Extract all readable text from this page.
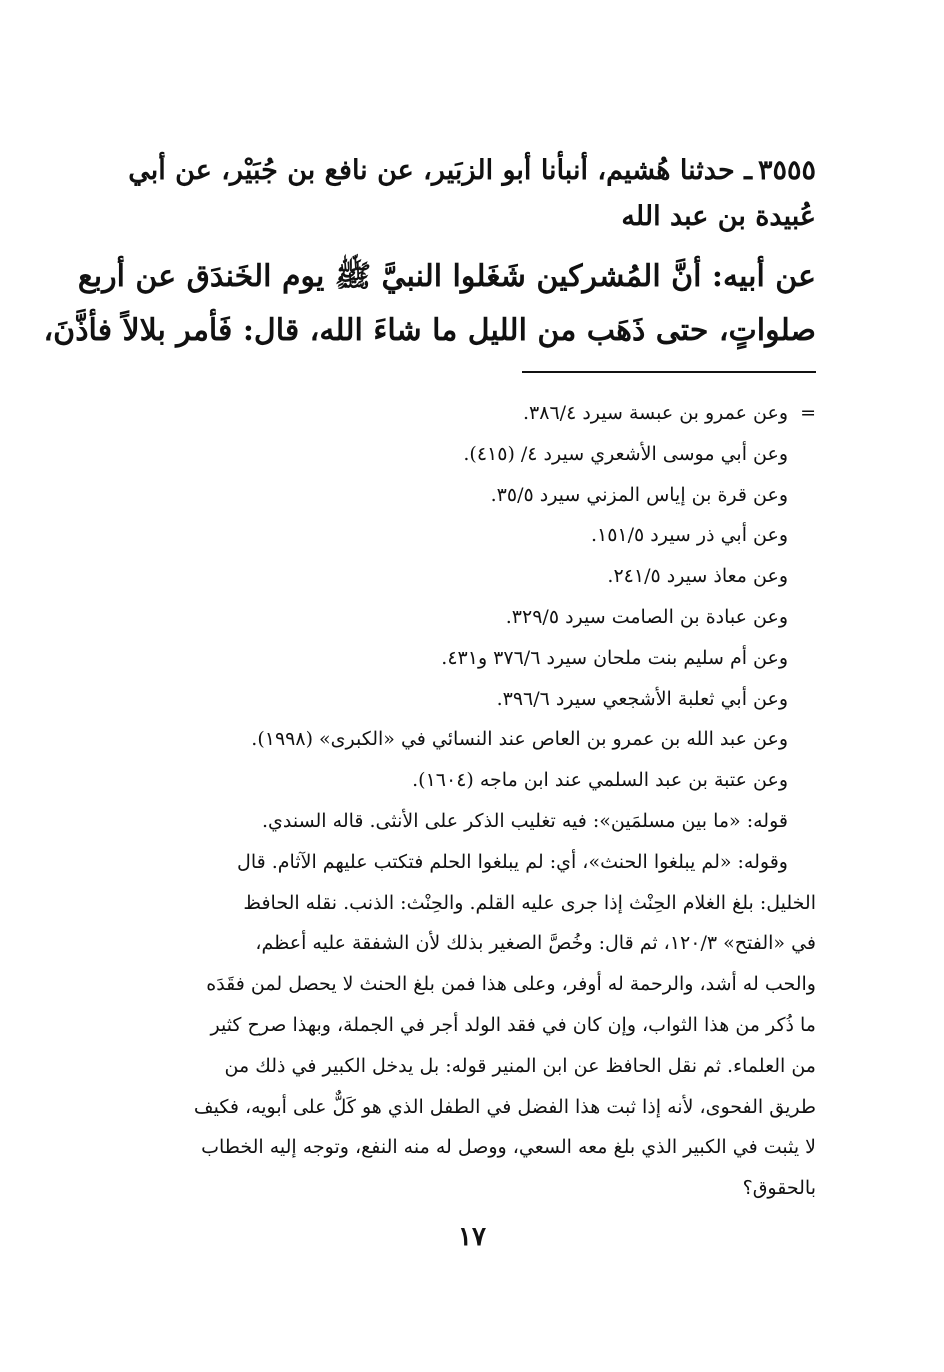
٣٥٥٥ـ حدثنا هُشيم، أنبأنا أبو الزبَير، عن نافع بن جُبَيْر، عن أبي
عُبيدة بن عبد الله
عن أبيه: أنَّ المُشركين شَغَلوا النبيَّ ﷺ يوم الخَندَق عن أربع
صلواتٍ، حتى ذَهَب من الليل ما شاءَ الله، قال: فَأمر بلالاً فأذَّنَ،
=
وعن عمرو بن عبسة سيرد ٣٨٦/٤.
وعن أبي موسى الأشعري سيرد ٤/ (٤١٥).
وعن قرة بن إياس المزني سيرد ٣٥/٥.
وعن أبي ذر سيرد ١٥١/٥.
وعن معاذ سيرد ٢٤١/٥.
وعن عبادة بن الصامت سيرد ٣٢٩/٥.
وعن أم سليم بنت ملحان سيرد ٣٧٦/٦ و٤٣١.
وعن أبي ثعلبة الأشجعي سيرد ٣٩٦/٦.
وعن عبد الله بن عمرو بن العاص عند النسائي في «الكبرى» (١٩٩٨).
وعن عتبة بن عبد السلمي عند ابن ماجه (١٦٠٤).
قوله: «ما بين مسلمَين»: فيه تغليب الذكر على الأنثى. قاله السندي.
وقوله: «لم يبلغوا الحنث»، أي: لم يبلغوا الحلم فتكتب عليهم الآثام. قال
الخليل: بلغ الغلام الحِنْث إذا جرى عليه القلم. والحِنْث: الذنب. نقله الحافظ
في «الفتح» ١٢٠/٣، ثم قال: وخُصَّ الصغير بذلك لأن الشفقة عليه أعظم،
والحب له أشد، والرحمة له أوفر، وعلى هذا فمن بلغ الحنث لا يحصل لمن فقَدَه
ما ذُكر من هذا الثواب، وإن كان في فقد الولد أجر في الجملة، وبهذا صرح كثير
من العلماء. ثم نقل الحافظ عن ابن المنير قوله: بل يدخل الكبير في ذلك من
طريق الفحوى، لأنه إذا ثبت هذا الفضل في الطفل الذي هو كَلٌّ على أبويه، فكيف
لا يثبت في الكبير الذي بلغ معه السعي، ووصل له منه النفع، وتوجه إليه الخطاب
بالحقوق؟
١٧
